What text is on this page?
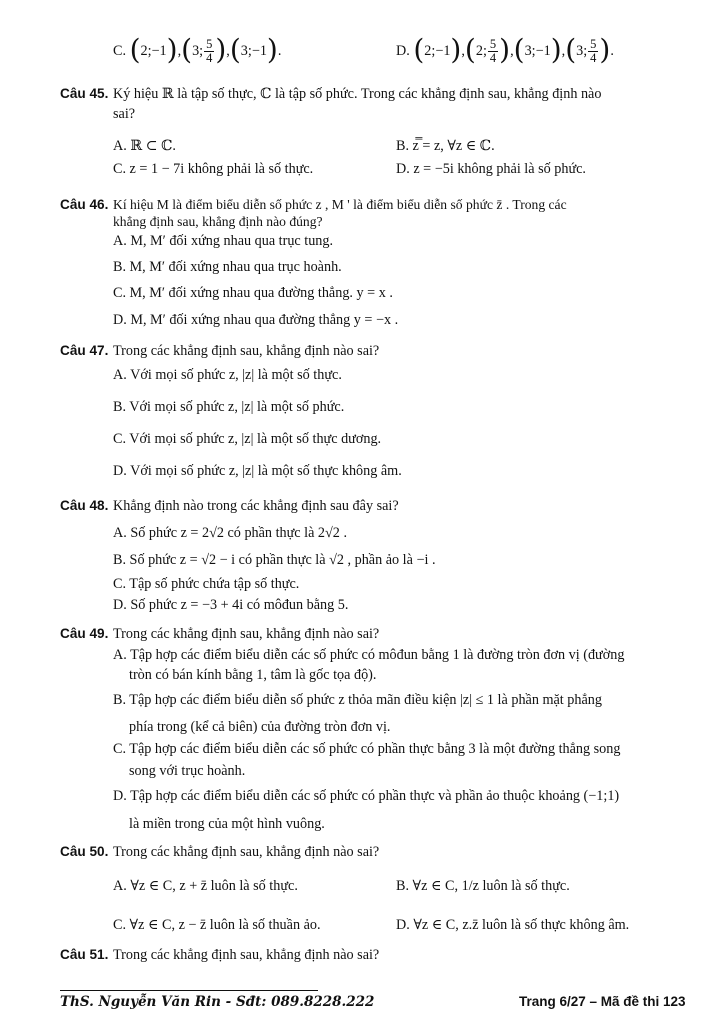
C. (2;−1),(3; $\frac{5}{4}$ ),(3;−1).	D. (2;−1),(2; $\frac{5}{4}$ ),(3;−1),(3; $\frac{5}{4}$ ).
Câu 45. Ký hiệu ℝ là tập số thực, ℂ là tập số phức. Trong các khẳng định sau, khẳng định nào
sai?
A. ℝ ⊂ ℂ.	B. z̿ = z, ∀z ∈ ℂ.
C. z = 1 − 7i không phải là số thực.	D. z = −5i không phải là số phức.
Câu 46. Kí hiệu M là điểm biểu diễn số phức z , M ' là điểm biểu diễn số phức z̄ . Trong các
khẳng định sau, khẳng định nào đúng?
A. M, M′ đối xứng nhau qua trục tung.
B. M, M′ đối xứng nhau qua trục hoành.
C. M, M′ đối xứng nhau qua đường thẳng. y = x .
D. M, M′ đối xứng nhau qua đường thẳng y = −x .
Câu 47. Trong các khẳng định sau, khẳng định nào sai?
A. Với mọi số phức z, |z| là một số thực.
B. Với mọi số phức z, |z| là một số phức.
C. Với mọi số phức z, |z| là một số thực dương.
D. Với mọi số phức z, |z| là một số thực không âm.
Câu 48. Khẳng định nào trong các khẳng định sau đây sai?
A. Số phức z = 2√2 có phần thực là 2√2 .
B. Số phức z = √2 − i có phần thực là √2 , phần ảo là −i .
C. Tập số phức chứa tập số thực.
D. Số phức z = −3 + 4i có môđun bằng 5.
Câu 49. Trong các khẳng định sau, khẳng định nào sai?
A. Tập hợp các điểm biểu diễn các số phức có môđun bằng 1 là đường tròn đơn vị (đường
tròn có bán kính bằng 1, tâm là gốc tọa độ).
B. Tập hợp các điểm biểu diễn số phức z thỏa mãn điều kiện |z| ≤ 1 là phần mặt phẳng
phía trong (kể cả biên) của đường tròn đơn vị.
C. Tập hợp các điểm biểu diễn các số phức có phần thực bằng 3 là một đường thẳng song
song với trục hoành.
D. Tập hợp các điểm biểu diễn các số phức có phần thực và phần ảo thuộc khoảng (−1;1)
là miền trong của một hình vuông.
Câu 50. Trong các khẳng định sau, khẳng định nào sai?
A. ∀z ∈ C, z + z̄ luôn là số thực.	B. ∀z ∈ C, 1/z luôn là số thực.
C. ∀z ∈ C, z − z̄ luôn là số thuần ảo.	D. ∀z ∈ C, z.z̄ luôn là số thực không âm.
Câu 51. Trong các khẳng định sau, khẳng định nào sai?
ThS. Nguyễn Văn Rin - Sđt: 089.8228.222	Trang 6/27 – Mã đề thi 123
